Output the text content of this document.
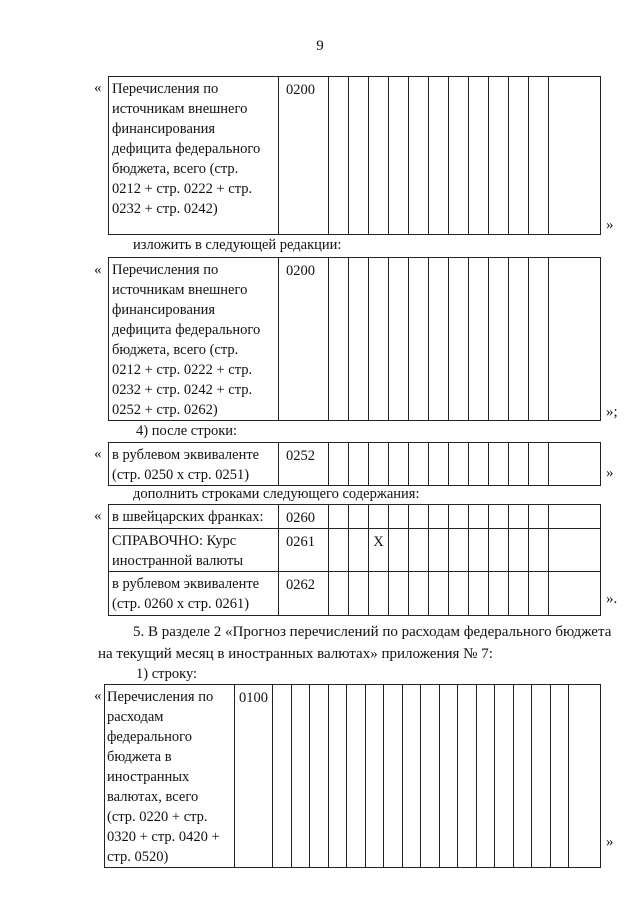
9
« Перечисления по
источникам внешнего
финансирования
дефицита федерального
бюджета, всего (стр.
0212 + стр. 0222 + стр.
0232 + стр. 0242)	0200												
»
изложить в следующей редакции:
« Перечисления по
источникам внешнего
финансирования
дефицита федерального
бюджета, всего (стр.
0212 + стр. 0222 + стр.
0232 + стр. 0242 + стр.
0252 + стр. 0262)	0200												
»;
4) после строки:
« в рублевом эквиваленте
(стр. 0250 х стр. 0251)	0252												
»
дополнить строками следующего содержания:
« в швейцарских франках:	0260												
СПРАВОЧНО: Курс
иностранной валюты	0261			Х									
в рублевом эквиваленте
(стр. 0260 х стр. 0261)	0262												
».
5. В разделе 2 «Прогноз перечислений по расходам федерального бюджета
на текущий месяц в иностранных валютах» приложения № 7:
1) строку:
« Перечисления по
расходам
федерального
бюджета в
иностранных
валютах, всего
(стр. 0220 + стр.
0320 + стр. 0420 +
стр. 0520)	0100																	
»
